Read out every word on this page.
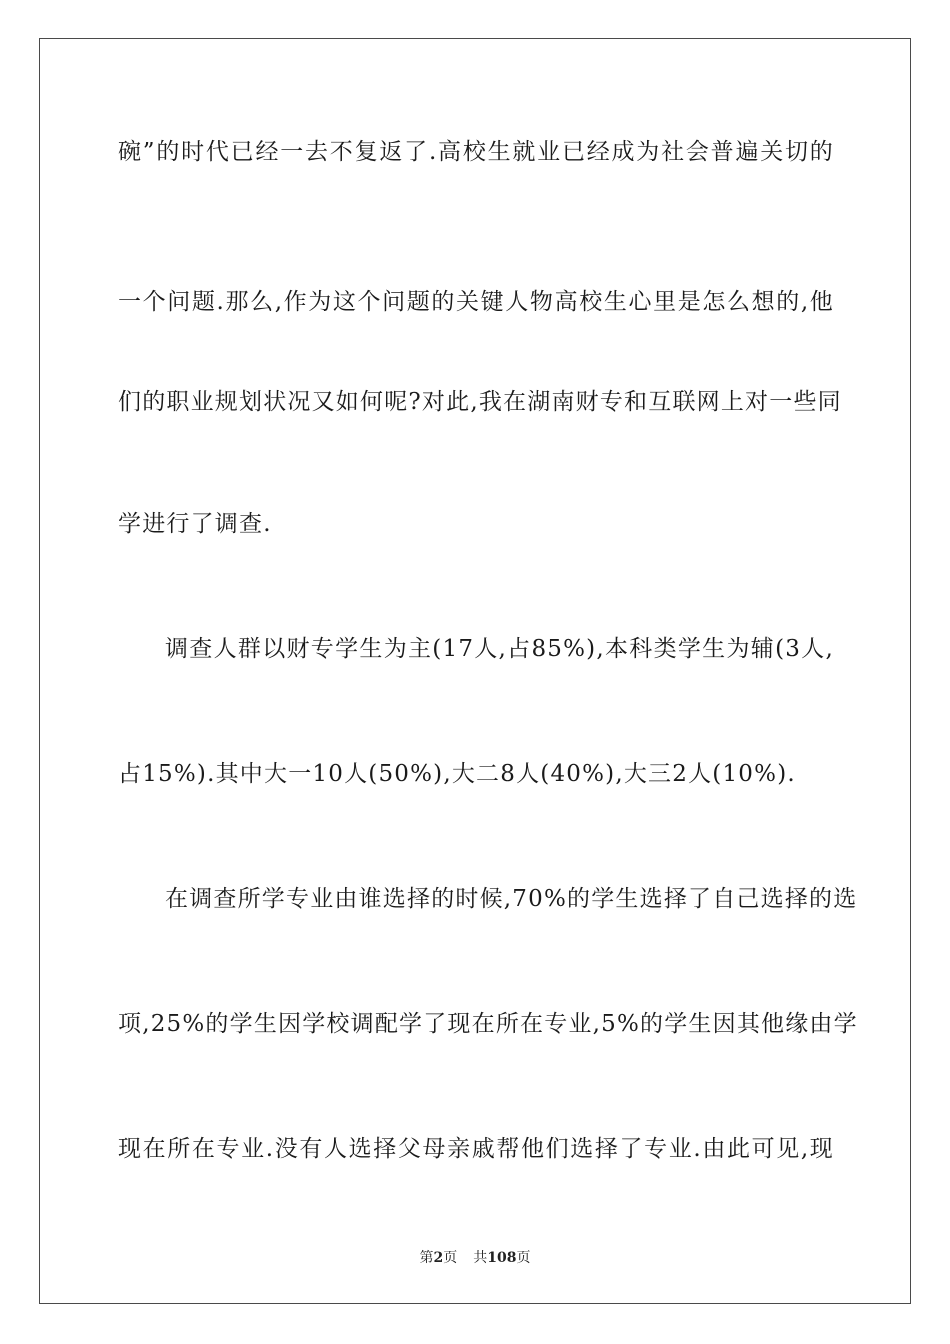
碗”的时代已经一去不复返了.高校生就业已经成为社会普遍关切的
一个问题.那么,作为这个问题的关键人物高校生心里是怎么想的,他
们的职业规划状况又如何呢?对此,我在湖南财专和互联网上对一些同
学进行了调查.
调查人群以财专学生为主(17人,占85%),本科类学生为辅(3人,
占15%).其中大一10人(50%),大二8人(40%),大三2人(10%).
在调查所学专业由谁选择的时候,70%的学生选择了自己选择的选
项,25%的学生因学校调配学了现在所在专业,5%的学生因其他缘由学
现在所在专业.没有人选择父母亲戚帮他们选择了专业.由此可见,现
第2页 共108页
